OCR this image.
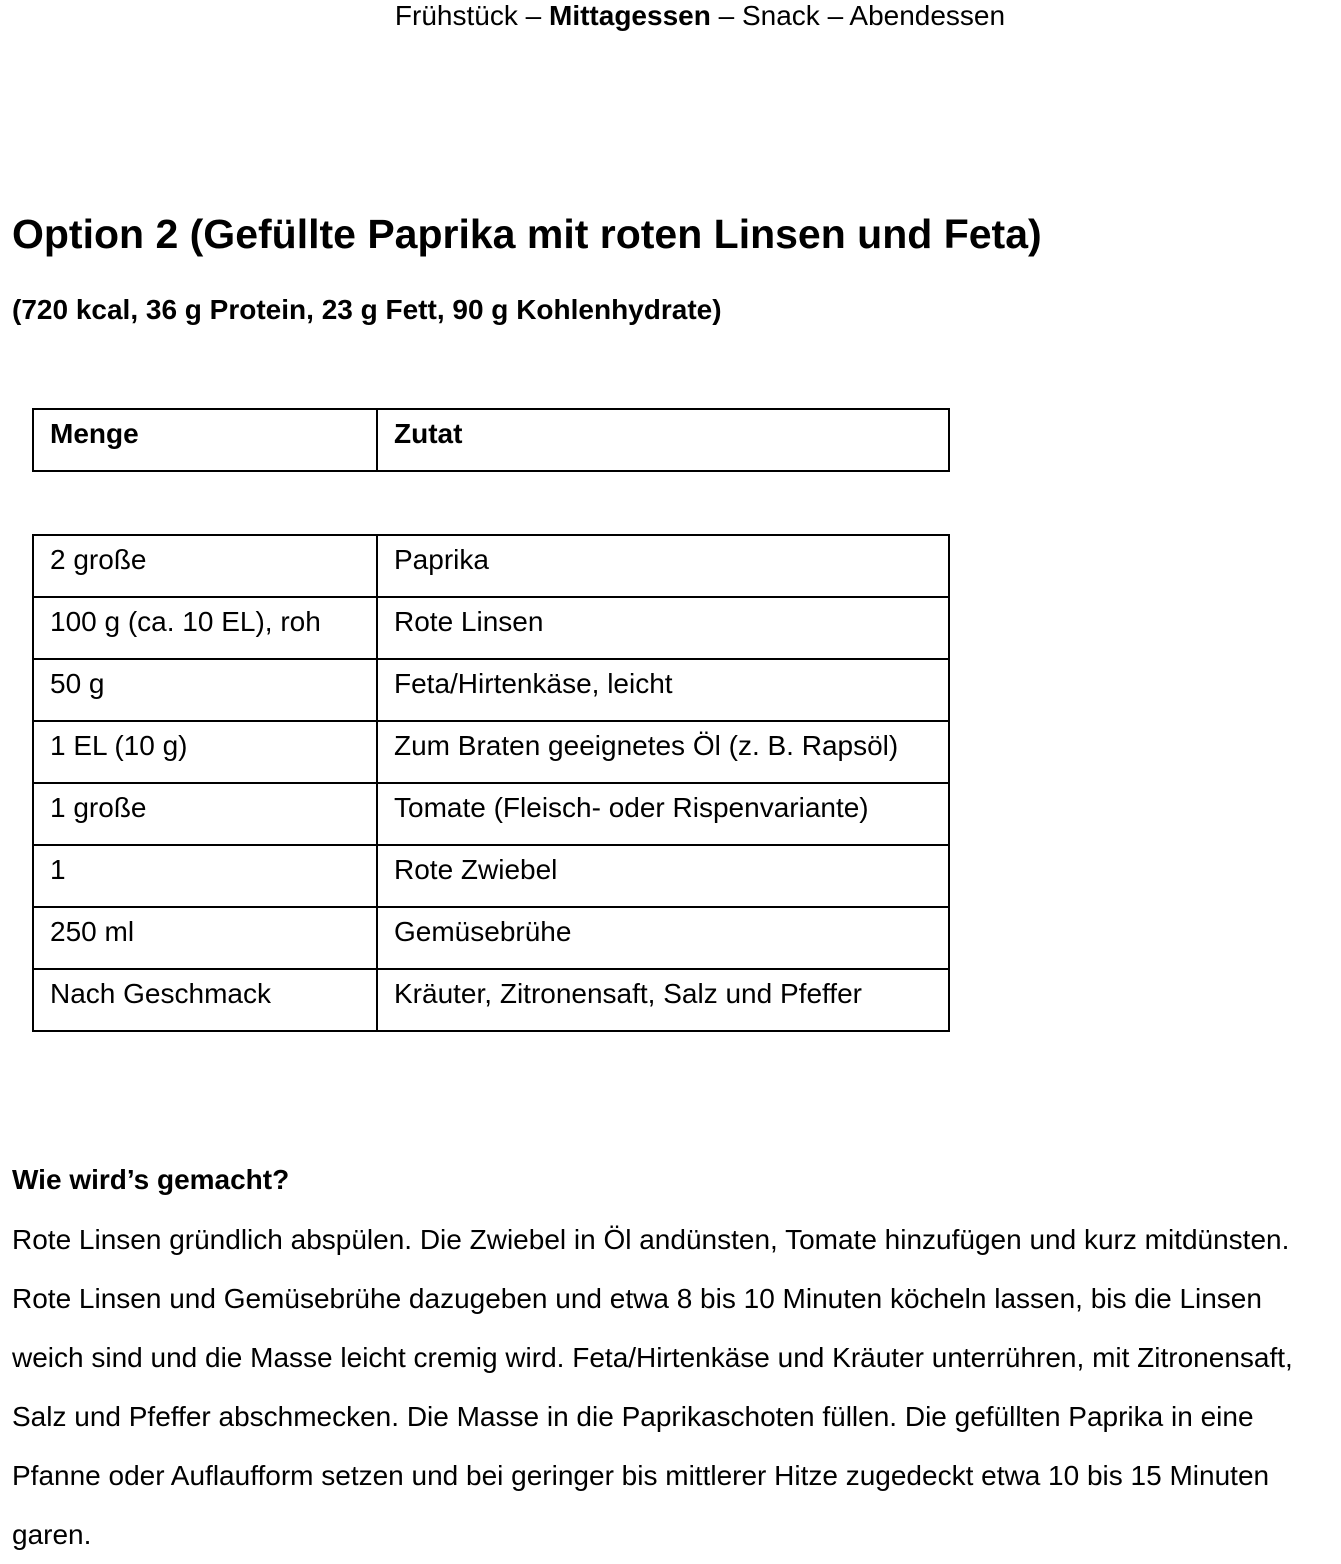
Frühstück – Mittagessen – Snack – Abendessen
Option 2 (Gefüllte Paprika mit roten Linsen und Feta)

(720 kcal, 36 g Protein, 23 g Fett, 90 g Kohlenhydrate)

Menge	Zutat
2 große	Paprika
100 g (ca. 10 EL), roh	Rote Linsen
50 g	Feta/Hirtenkäse, leicht
1 EL (10 g)	Zum Braten geeignetes Öl (z. B. Rapsöl)
1 große	Tomate (Fleisch- oder Rispenvariante)
1	Rote Zwiebel
250 ml	Gemüsebrühe
Nach Geschmack	Kräuter, Zitronensaft, Salz und Pfeffer
Wie wird’s gemacht?

Rote Linsen gründlich abspülen. Die Zwiebel in Öl andünsten, Tomate hinzufügen und kurz mitdünsten. Rote Linsen und Gemüsebrühe dazugeben und etwa 8 bis 10 Minuten köcheln lassen, bis die Linsen weich sind und die Masse leicht cremig wird. Feta/Hirtenkäse und Kräuter unterrühren, mit Zitronensaft, Salz und Pfeffer abschmecken. Die Masse in die Paprikaschoten füllen. Die gefüllten Paprika in eine Pfanne oder Auflaufform setzen und bei geringer bis mittlerer Hitze zugedeckt etwa 10 bis 15 Minuten garen.
